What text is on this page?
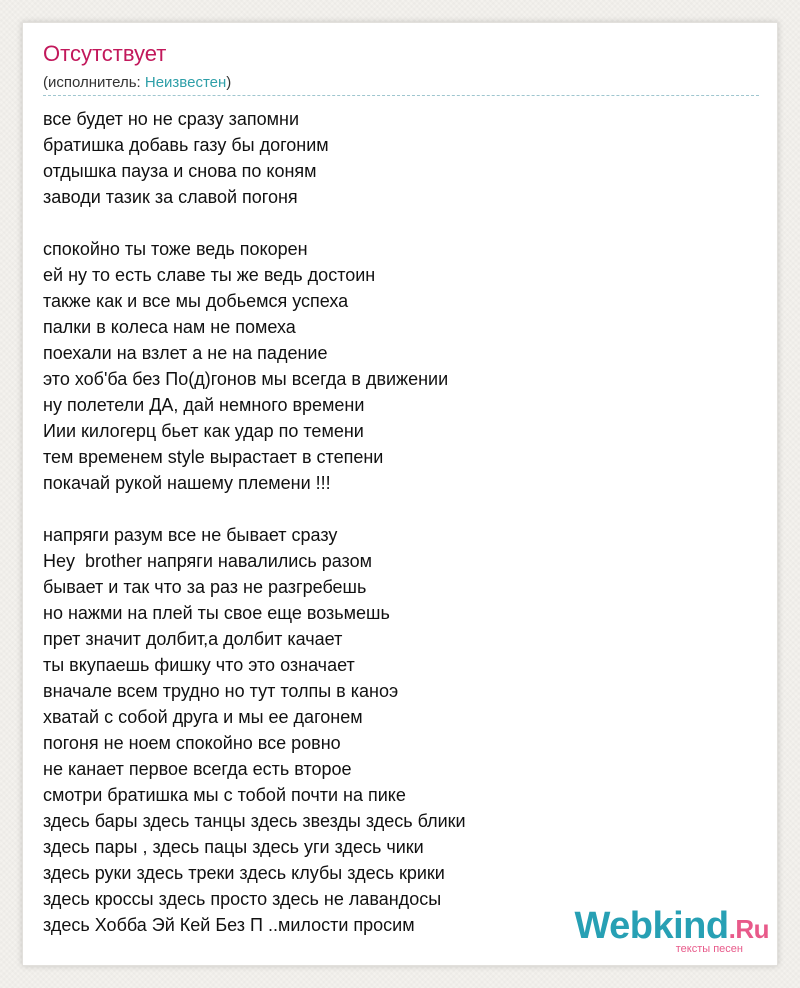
Отсутствует
(исполнитель: Неизвестен)
все будет но не сразу запомни
братишка добавь газу бы догоним
отдышка пауза и снова по коням
заводи тазик за славой погоня
спокойно ты тоже ведь покорен
ей ну то есть славе ты же ведь достоин
также как и все мы добьемся успеха
палки в колеса нам не помеха
поехали на взлет а не на падение
это хоб'ба без По(д)гонов мы всегда в движении
ну полетели ДА, дай немного времени
Иии килогерц бьет как удар по темени
тем временем style вырастает в степени
покачай рукой нашему племени !!!
напряги разум все не бывает сразу
Hey  brother напряги навалились разом
бывает и так что за раз не разгребешь
но нажми на плей ты свое еще возьмешь
прет значит долбит,а долбит качает
ты вкупаешь фишку что это означает
вначале всем трудно но тут толпы в каноэ
хватай с собой друга и мы ее дагонем
погоня не ноем спокойно все ровно
не канает первое всегда есть второе
смотри братишка мы с тобой почти на пике
здесь бары здесь танцы здесь звезды здесь блики
здесь пары , здесь пацы здесь уги здесь чики
здесь руки здесь треки здесь клубы здесь крики
здесь кроссы здесь просто здесь не лавандосы
здесь Хобба Эй Кей Без П ..милости просим	Webkind.Ru
тексты песен
